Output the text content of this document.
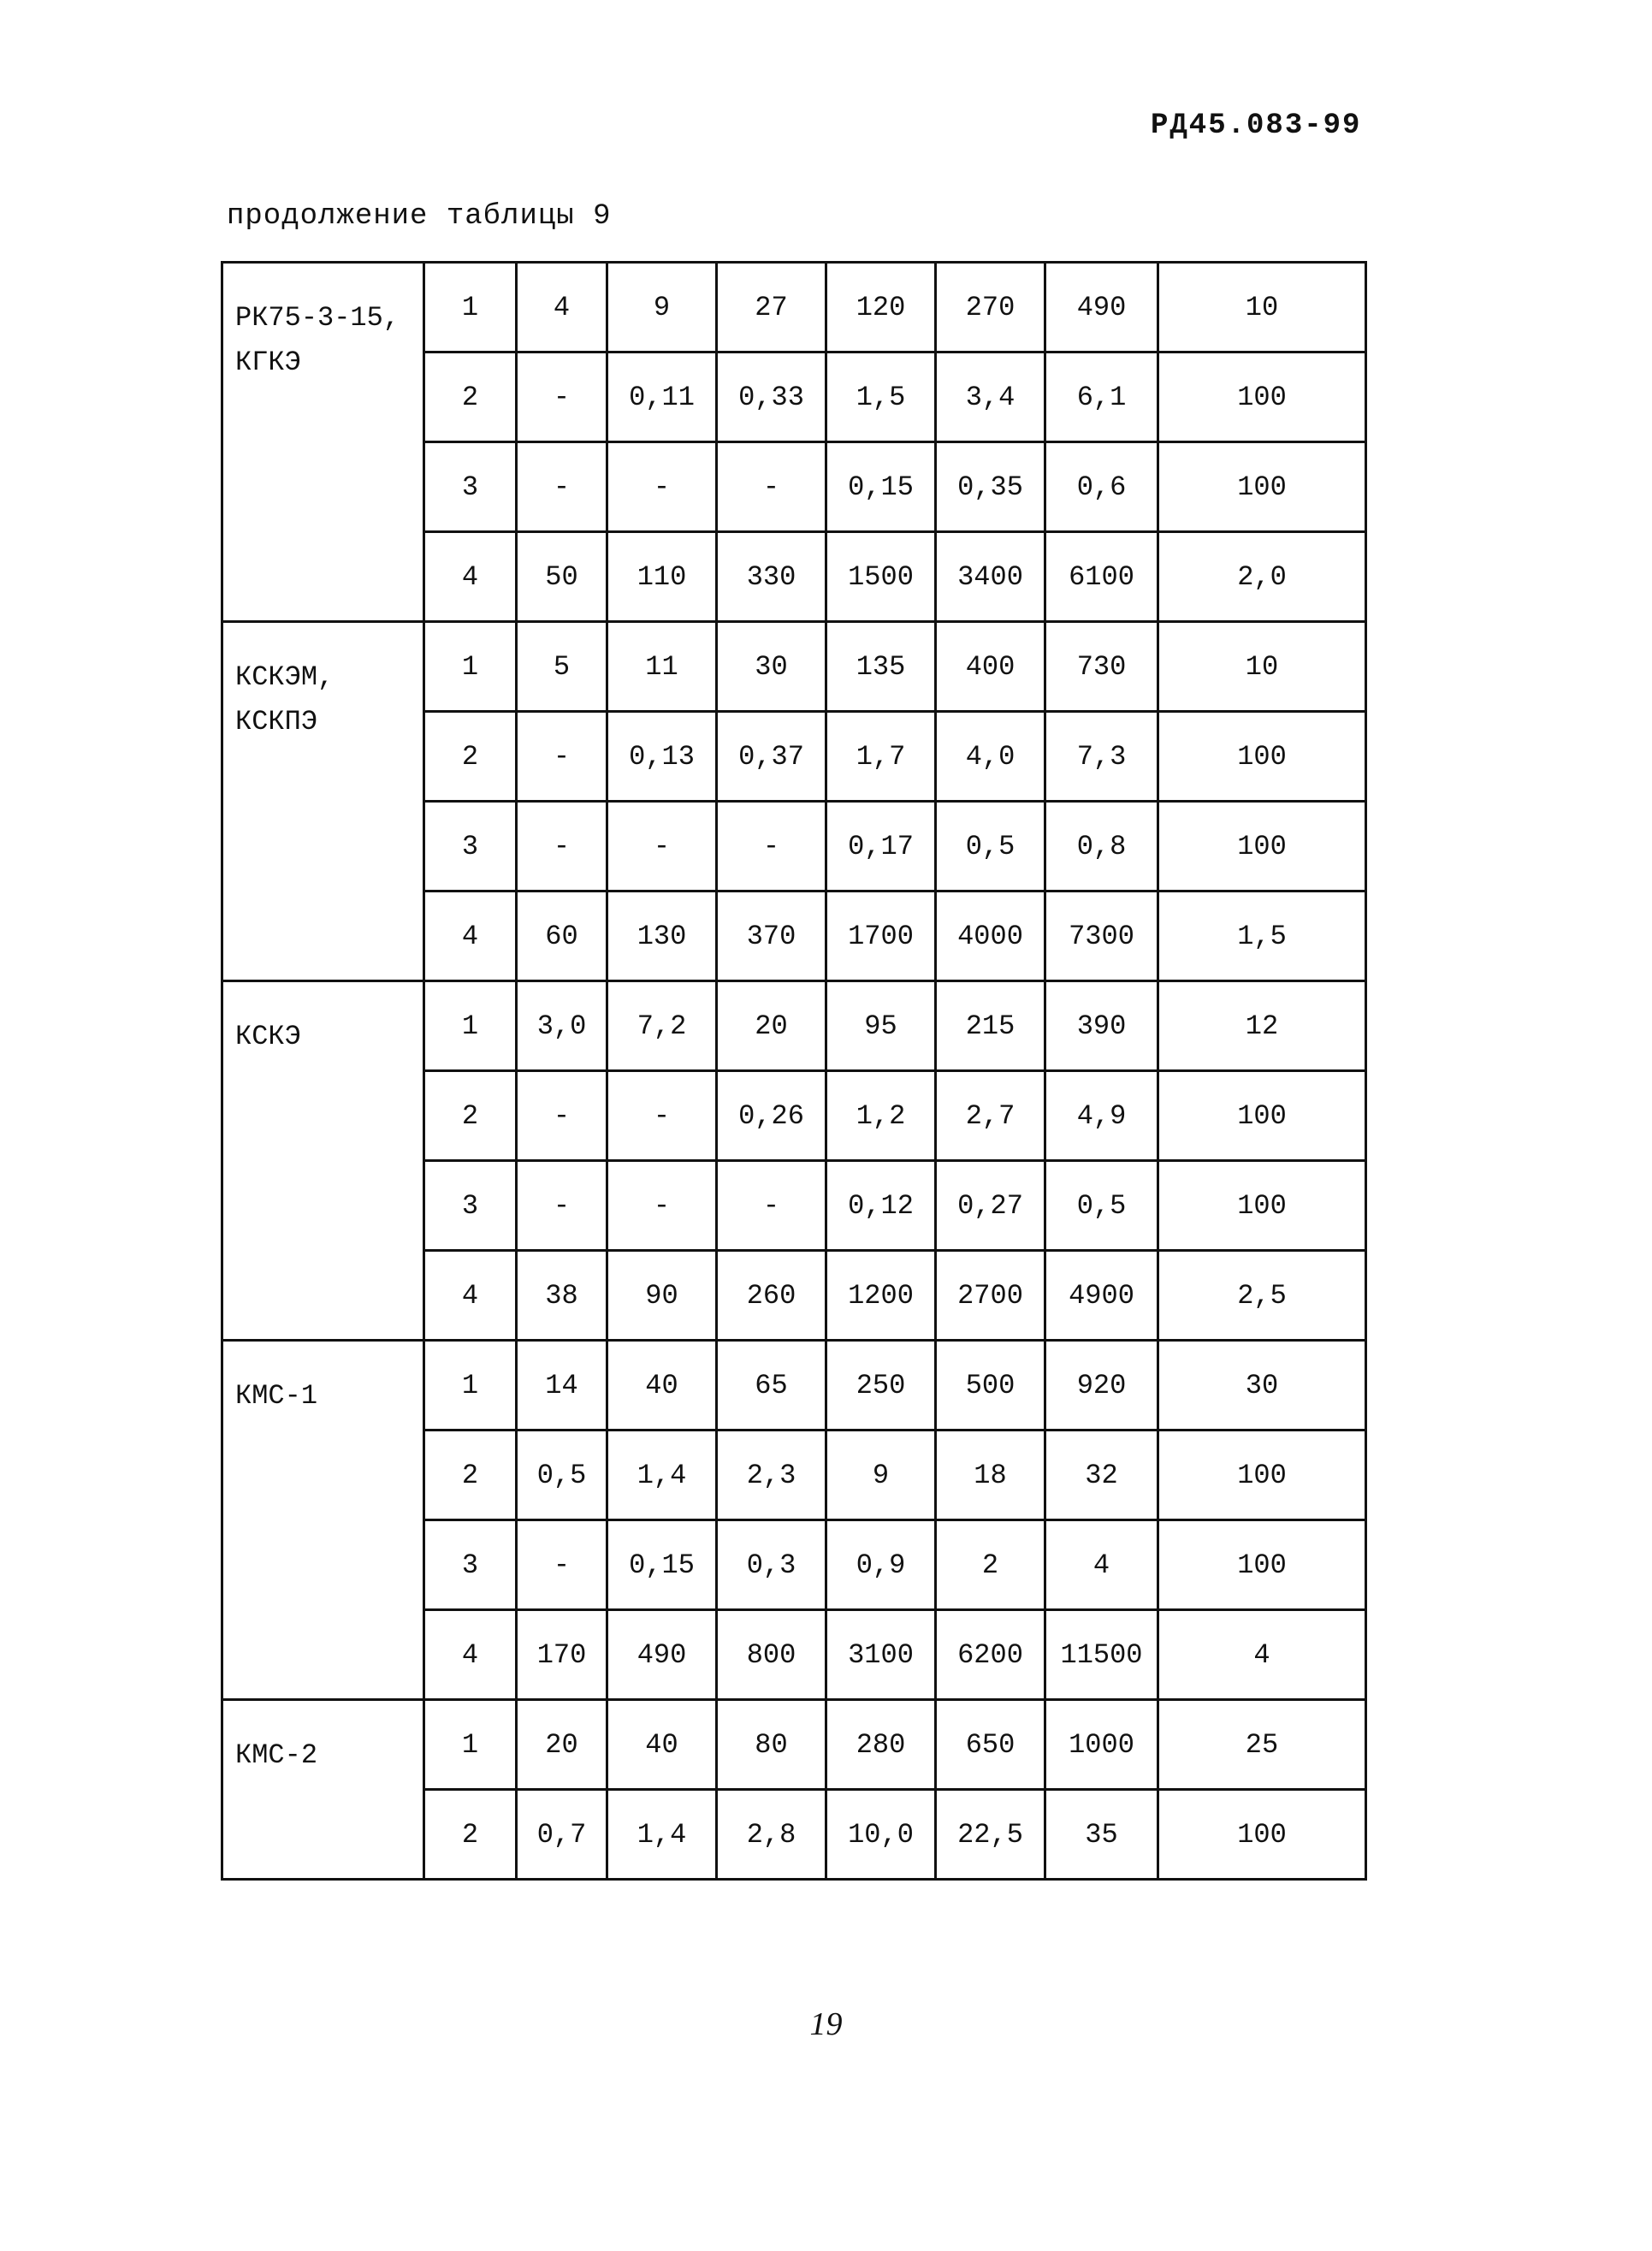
РД45.083-99
продолжение таблицы 9
РК75-3-15, КГКЭ	1	4	9	27	120	270	490	10
	2	-	0,11	0,33	1,5	3,4	6,1	100
	3	-	-	-	0,15	0,35	0,6	100
	4	50	110	330	1500	3400	6100	2,0
КСКЭМ, КСКПЭ	1	5	11	30	135	400	730	10
	2	-	0,13	0,37	1,7	4,0	7,3	100
	3	-	-	-	0,17	0,5	0,8	100
	4	60	130	370	1700	4000	7300	1,5
КСКЭ	1	3,0	7,2	20	95	215	390	12
	2	-	-	0,26	1,2	2,7	4,9	100
	3	-	-	-	0,12	0,27	0,5	100
	4	38	90	260	1200	2700	4900	2,5
КМС-1	1	14	40	65	250	500	920	30
	2	0,5	1,4	2,3	9	18	32	100
	3	-	0,15	0,3	0,9	2	4	100
	4	170	490	800	3100	6200	11500	4
КМС-2	1	20	40	80	280	650	1000	25
	2	0,7	1,4	2,8	10,0	22,5	35	100
19
